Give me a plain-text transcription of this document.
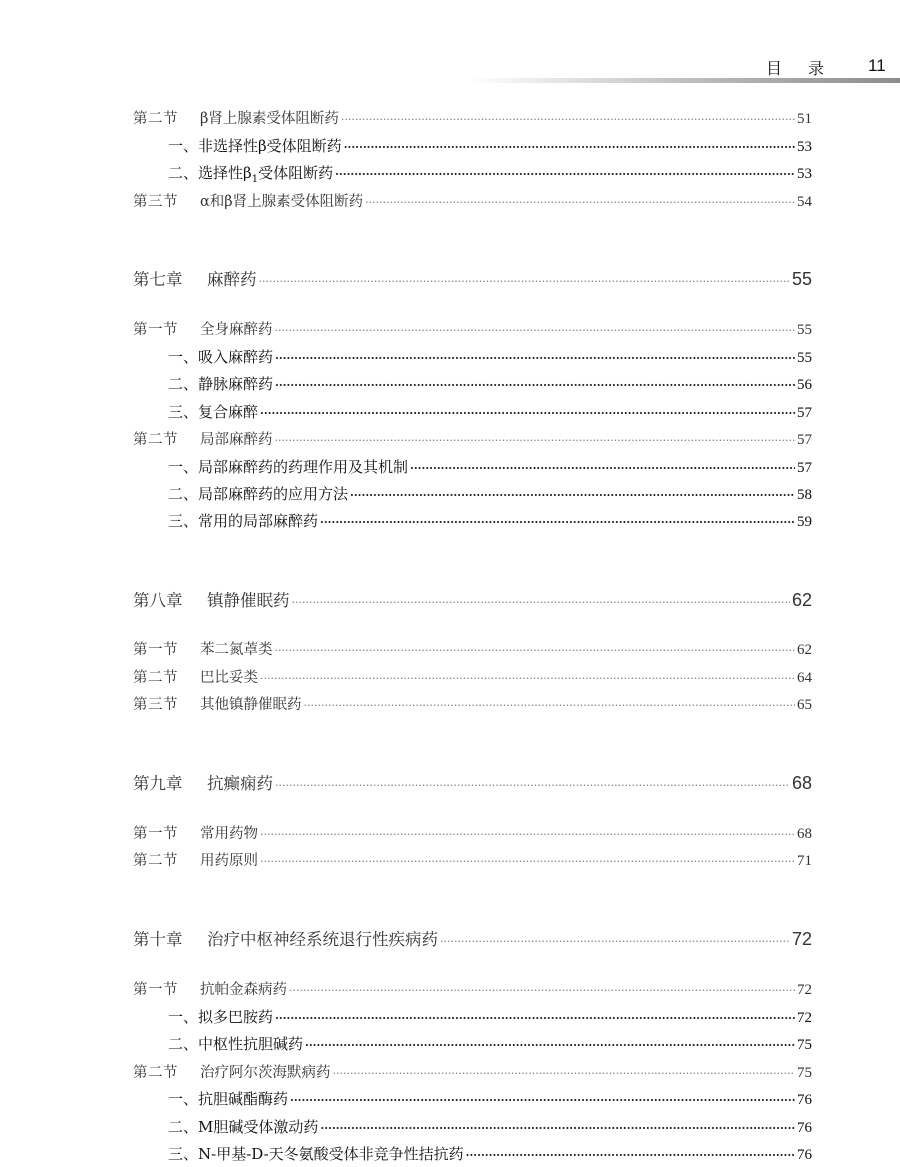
目录 11
第二节 β肾上腺素受体阻断药 ·····	51
一、非选择性β受体阻断药 ·····	53
二、选择性$\beta_1$受体阻断药 ·····	53
第三节 α和β肾上腺素受体阻断药 ·····	54
第七章 麻醉药 ·····	55
第一节 全身麻醉药 ·····	55
一、吸入麻醉药 ·····	55
二、静脉麻醉药 ·····	56
三、复合麻醉 ·····	57
第二节 局部麻醉药 ·····	57
一、局部麻醉药的药理作用及其机制 ·····	57
二、局部麻醉药的应用方法 ·····	58
三、常用的局部麻醉药 ·····	59
第八章 镇静催眠药 ·····	62
第一节 苯二氮䓬类 ·····	62
第二节 巴比妥类 ·····	64
第三节 其他镇静催眠药 ·····	65
第九章 抗癫痫药 ·····	68
第一节 常用药物 ·····	68
第二节 用药原则 ·····	71
第十章 治疗中枢神经系统退行性疾病药 ·····	72
第一节 抗帕金森病药 ·····	72
一、拟多巴胺药 ·····	72
二、中枢性抗胆碱药 ·····	75
第二节 治疗阿尔茨海默病药 ·····	75
一、抗胆碱酯酶药 ·····	76
二、M胆碱受体激动药 ·····	76
三、N-甲基-D-天冬氨酸受体非竞争性拮抗药 ·····	76
